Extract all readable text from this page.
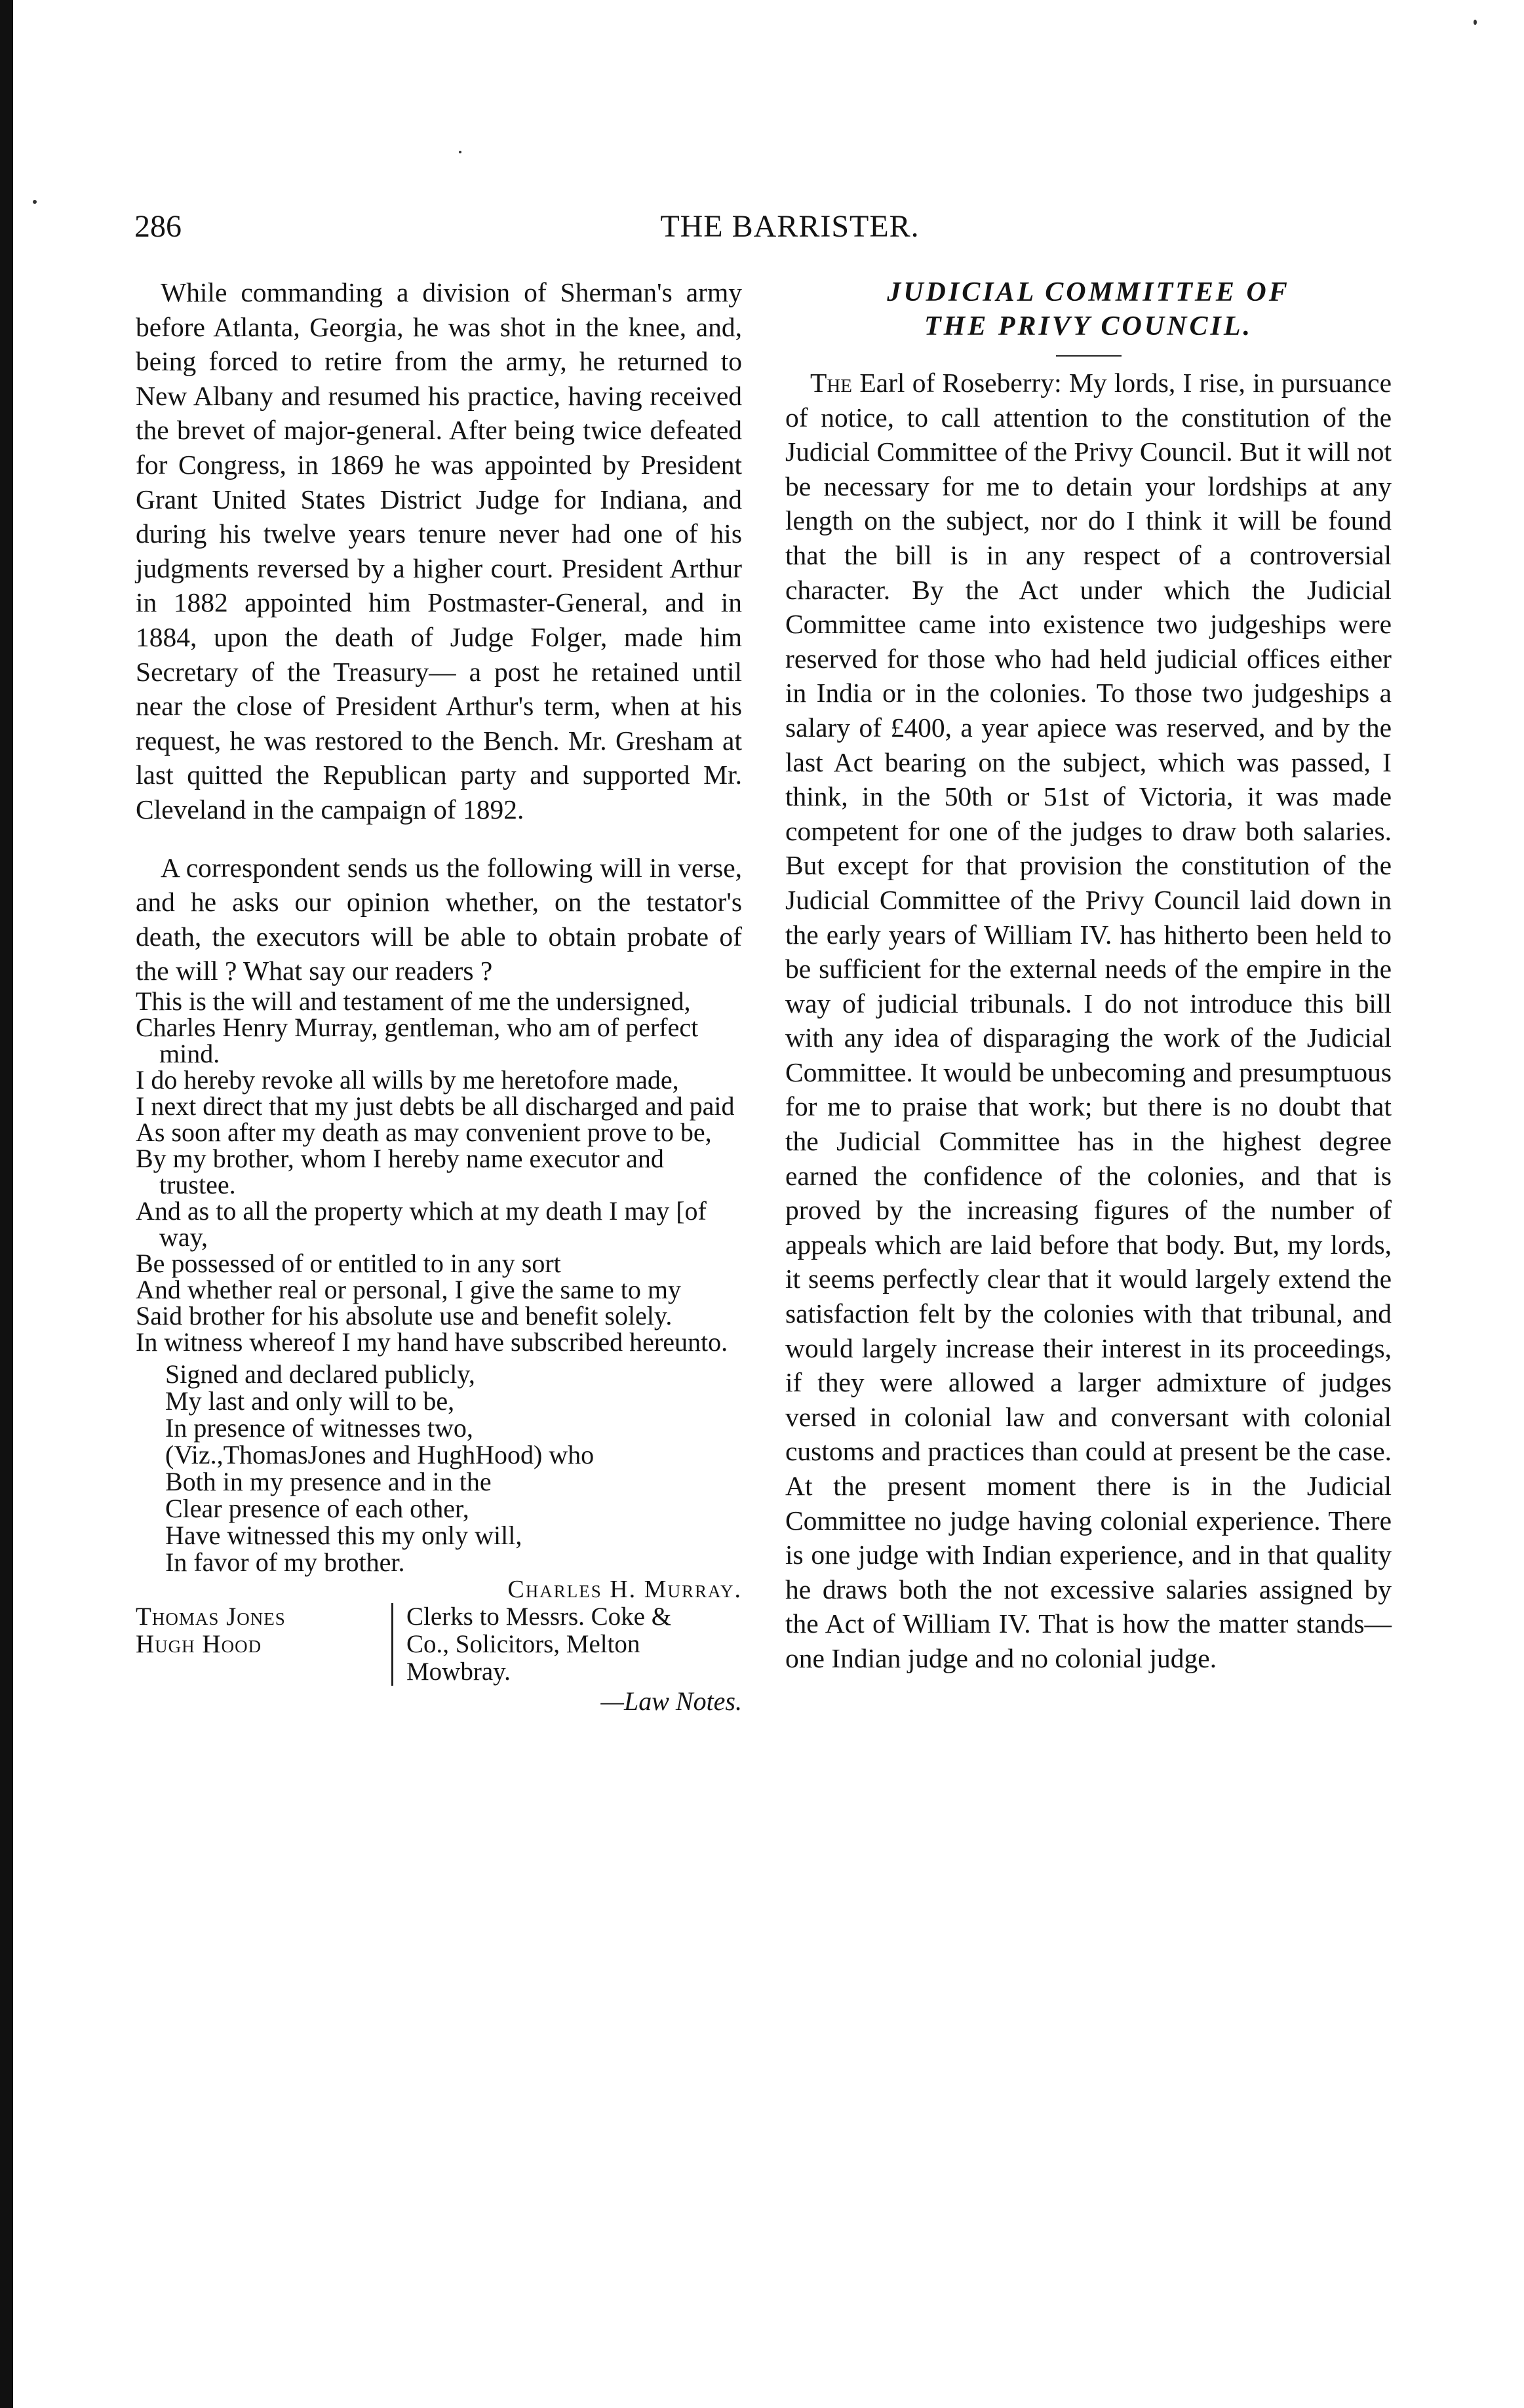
286	THE BARRISTER.

While commanding a division of Sherman's army before Atlanta, Georgia, he was shot in the knee, and, being forced to retire from the army, he returned to New Albany and resumed his practice, having received the brevet of major-general. After being twice defeated for Congress, in 1869 he was appointed by President Grant United States District Judge for Indiana, and during his twelve years tenure never had one of his judgments reversed by a higher court. President Arthur in 1882 appointed him Postmaster-General, and in 1884, upon the death of Judge Folger, made him Secretary of the Treasury— a post he retained until near the close of President Arthur's term, when at his request, he was restored to the Bench. Mr. Gresham at last quitted the Republican party and supported Mr. Cleveland in the campaign of 1892.

A correspondent sends us the following will in verse, and he asks our opinion whether, on the testator's death, the executors will be able to obtain probate of the will ? What say our readers ?

This is the will and testament of me the undersigned,

Charles Henry Murray, gentleman, who am of perfect mind.

I do hereby revoke all wills by me heretofore made,

I next direct that my just debts be all discharged and paid

As soon after my death as may convenient prove to be,

By my brother, whom I hereby name executor and trustee.

And as to all the property which at my death I may [of way,

Be possessed of or entitled to in any sort

And whether real or personal, I give the same to my

Said brother for his absolute use and benefit solely.

In witness whereof I my hand have subscribed hereunto.

Signed and declared publicly,

My last and only will to be,

In presence of witnesses two,

(Viz.,ThomasJones and HughHood) who

Both in my presence and in the

Clear presence of each other,

Have witnessed this my only will,

In favor of my brother.

Charles H. Murray.

Thomas Jones
Hugh Hood
Clerks to Messrs. Coke &
Co., Solicitors, Melton
Mowbray.

—Law Notes.

JUDICIAL COMMITTEE OF
THE PRIVY COUNCIL.

The Earl of Roseberry: My lords, I rise, in pursuance of notice, to call attention to the constitution of the Judicial Committee of the Privy Council. But it will not be necessary for me to detain your lordships at any length on the subject, nor do I think it will be found that the bill is in any respect of a controversial character. By the Act under which the Judicial Committee came into existence two judgeships were reserved for those who had held judicial offices either in India or in the colonies. To those two judgeships a salary of £400, a year apiece was reserved, and by the last Act bearing on the subject, which was passed, I think, in the 50th or 51st of Victoria, it was made competent for one of the judges to draw both salaries. But except for that provision the constitution of the Judicial Committee of the Privy Council laid down in the early years of William IV. has hitherto been held to be sufficient for the external needs of the empire in the way of judicial tribunals. I do not introduce this bill with any idea of disparaging the work of the Judicial Committee. It would be unbecoming and presumptuous for me to praise that work; but there is no doubt that the Judicial Committee has in the highest degree earned the confidence of the colonies, and that is proved by the increasing figures of the number of appeals which are laid before that body. But, my lords, it seems perfectly clear that it would largely extend the satisfaction felt by the colonies with that tribunal, and would largely increase their interest in its proceedings, if they were allowed a larger admixture of judges versed in colonial law and conversant with colonial customs and practices than could at present be the case. At the present moment there is in the Judicial Committee no judge having colonial experience. There is one judge with Indian experience, and in that quality he draws both the not excessive salaries assigned by the Act of William IV. That is how the matter stands—one Indian judge and no colonial judge.
